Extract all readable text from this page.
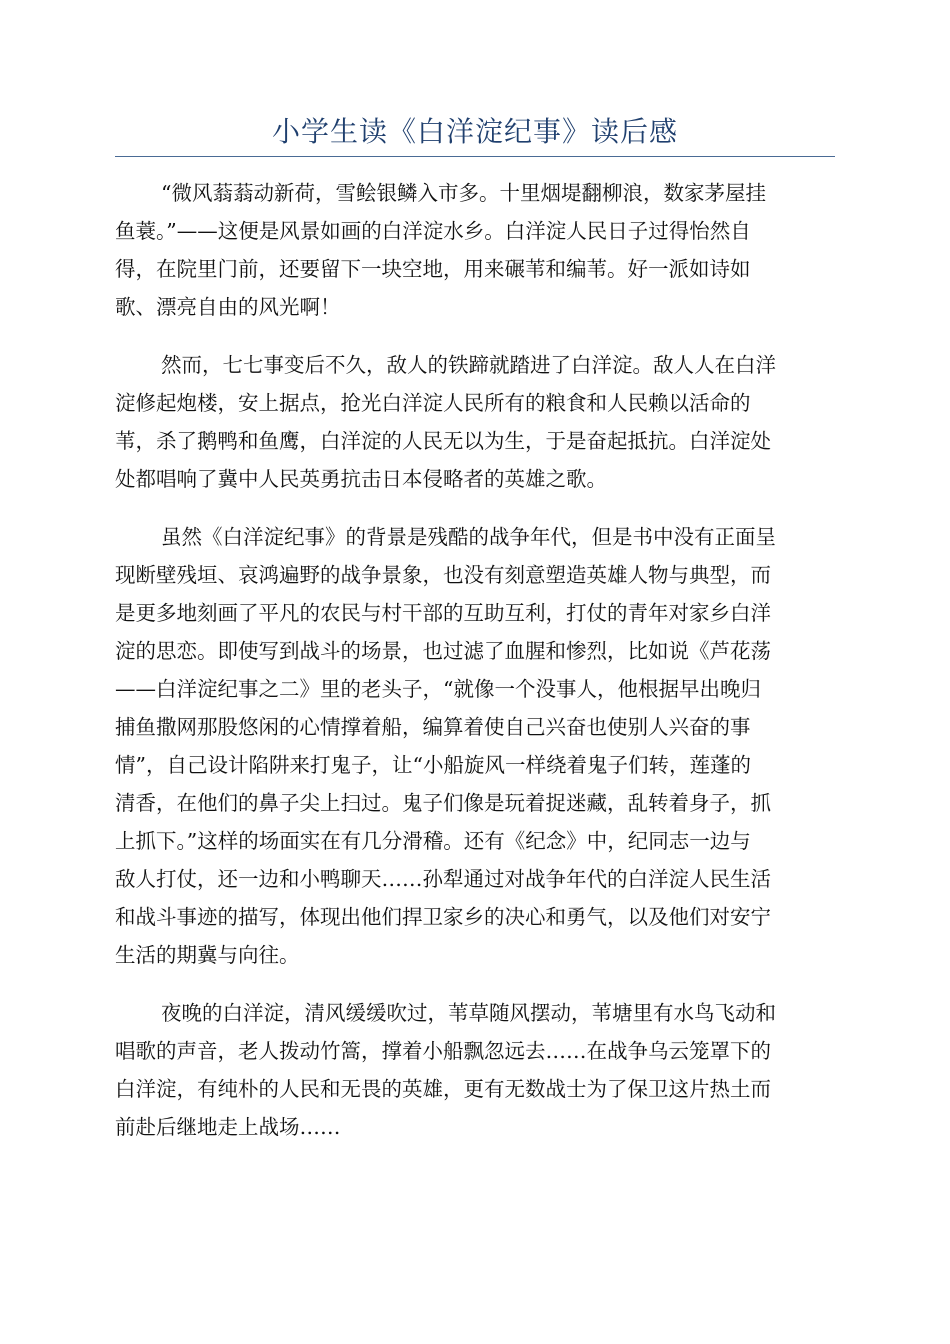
小学生读《白洋淀纪事》读后感
“微风蓊蓊动新荷，雪鲙银鳞入市多。十里烟堤翻柳浪，数家茅屋挂
鱼蓑。”——这便是风景如画的白洋淀水乡。白洋淀人民日子过得怡然自
得，在院里门前，还要留下一块空地，用来碾苇和编苇。好一派如诗如
歌、漂亮自由的风光啊！
然而，七七事变后不久，敌人的铁蹄就踏进了白洋淀。敌人人在白洋
淀修起炮楼，安上据点，抢光白洋淀人民所有的粮食和人民赖以活命的
苇，杀了鹅鸭和鱼鹰，白洋淀的人民无以为生，于是奋起抵抗。白洋淀处
处都唱响了冀中人民英勇抗击日本侵略者的英雄之歌。
虽然《白洋淀纪事》的背景是残酷的战争年代，但是书中没有正面呈
现断壁残垣、哀鸿遍野的战争景象，也没有刻意塑造英雄人物与典型，而
是更多地刻画了平凡的农民与村干部的互助互利，打仗的青年对家乡白洋
淀的思恋。即使写到战斗的场景，也过滤了血腥和惨烈，比如说《芦花荡
——白洋淀纪事之二》里的老头子，“就像一个没事人，他根据早出晚归
捕鱼撒网那股悠闲的心情撑着船，编算着使自己兴奋也使别人兴奋的事
情”，自己设计陷阱来打鬼子，让“小船旋风一样绕着鬼子们转，莲蓬的
清香，在他们的鼻子尖上扫过。鬼子们像是玩着捉迷藏，乱转着身子，抓
上抓下。”这样的场面实在有几分滑稽。还有《纪念》中，纪同志一边与
敌人打仗，还一边和小鸭聊天……孙犁通过对战争年代的白洋淀人民生活
和战斗事迹的描写，体现出他们捍卫家乡的决心和勇气，以及他们对安宁
生活的期冀与向往。
夜晚的白洋淀，清风缓缓吹过，苇草随风摆动，苇塘里有水鸟飞动和
唱歌的声音，老人拨动竹篙，撑着小船飘忽远去……在战争乌云笼罩下的
白洋淀，有纯朴的人民和无畏的英雄，更有无数战士为了保卫这片热土而
前赴后继地走上战场……
